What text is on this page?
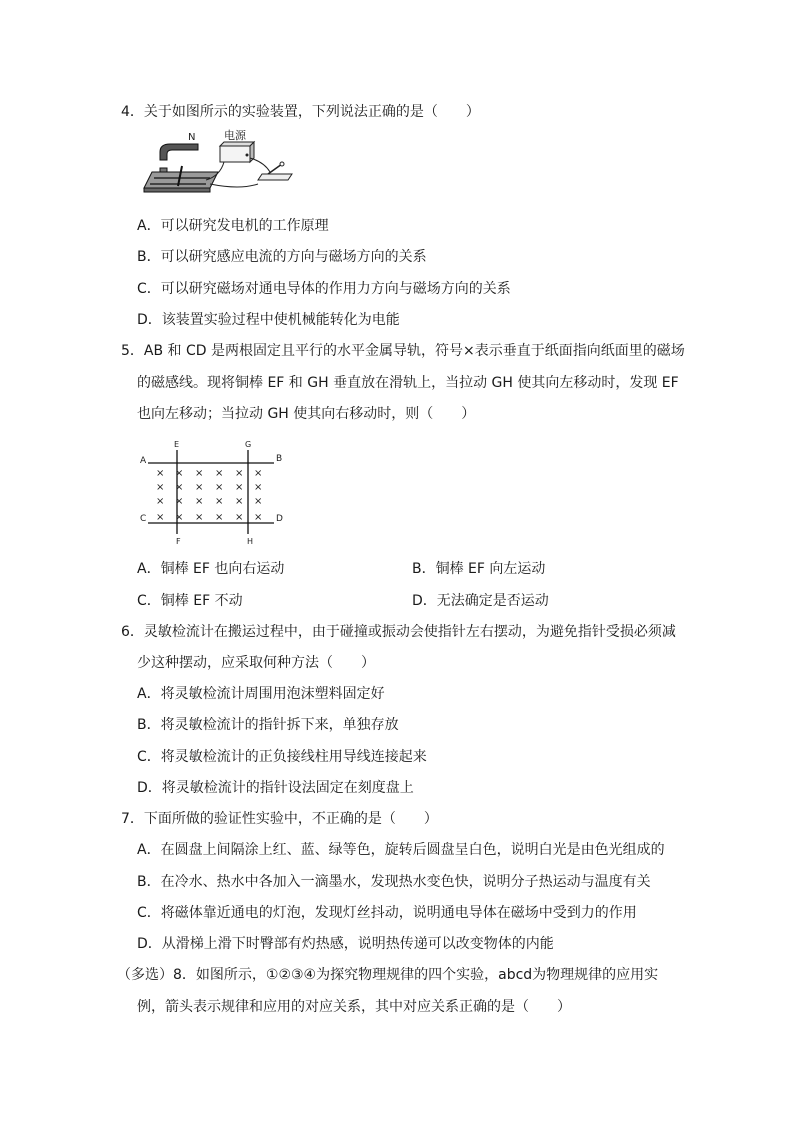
4．关于如图所示的实验装置，下列说法正确的是（　　）
电源
N
A．可以研究发电机的工作原理
B．可以研究感应电流的方向与磁场方向的关系
C．可以研究磁场对通电导体的作用力方向与磁场方向的关系
D．该装置实验过程中使机械能转化为电能
5．AB 和 CD 是两根固定且平行的水平金属导轨，符号×表示垂直于纸面指向纸面里的磁场
的磁感线。现将铜棒 EF 和 GH 垂直放在滑轨上，当拉动 GH 使其向左移动时，发现 EF
也向左移动；当拉动 GH 使其向右移动时，则（　　）
A	B
C	D
E	G
F	H
× × × × × ×
× × × × × ×
× × × × × ×
× × × × × ×
A．铜棒 EF 也向右运动	B．铜棒 EF 向左运动
C．铜棒 EF 不动	D．无法确定是否运动
6．灵敏检流计在搬运过程中，由于碰撞或振动会使指针左右摆动，为避免指针受损必须减
少这种摆动，应采取何种方法（　　）
A．将灵敏检流计周围用泡沫塑料固定好
B．将灵敏检流计的指针拆下来，单独存放
C．将灵敏检流计的正负接线柱用导线连接起来
D．将灵敏检流计的指针设法固定在刻度盘上
7．下面所做的验证性实验中，不正确的是（　　）
A．在圆盘上间隔涂上红、蓝、绿等色，旋转后圆盘呈白色，说明白光是由色光组成的
B．在冷水、热水中各加入一滴墨水，发现热水变色快，说明分子热运动与温度有关
C．将磁体靠近通电的灯泡，发现灯丝抖动，说明通电导体在磁场中受到力的作用
D．从滑梯上滑下时臀部有灼热感，说明热传递可以改变物体的内能
（多选）8．如图所示，①②③④为探究物理规律的四个实验，abcd为物理规律的应用实
例，箭头表示规律和应用的对应关系，其中对应关系正确的是（　　）
